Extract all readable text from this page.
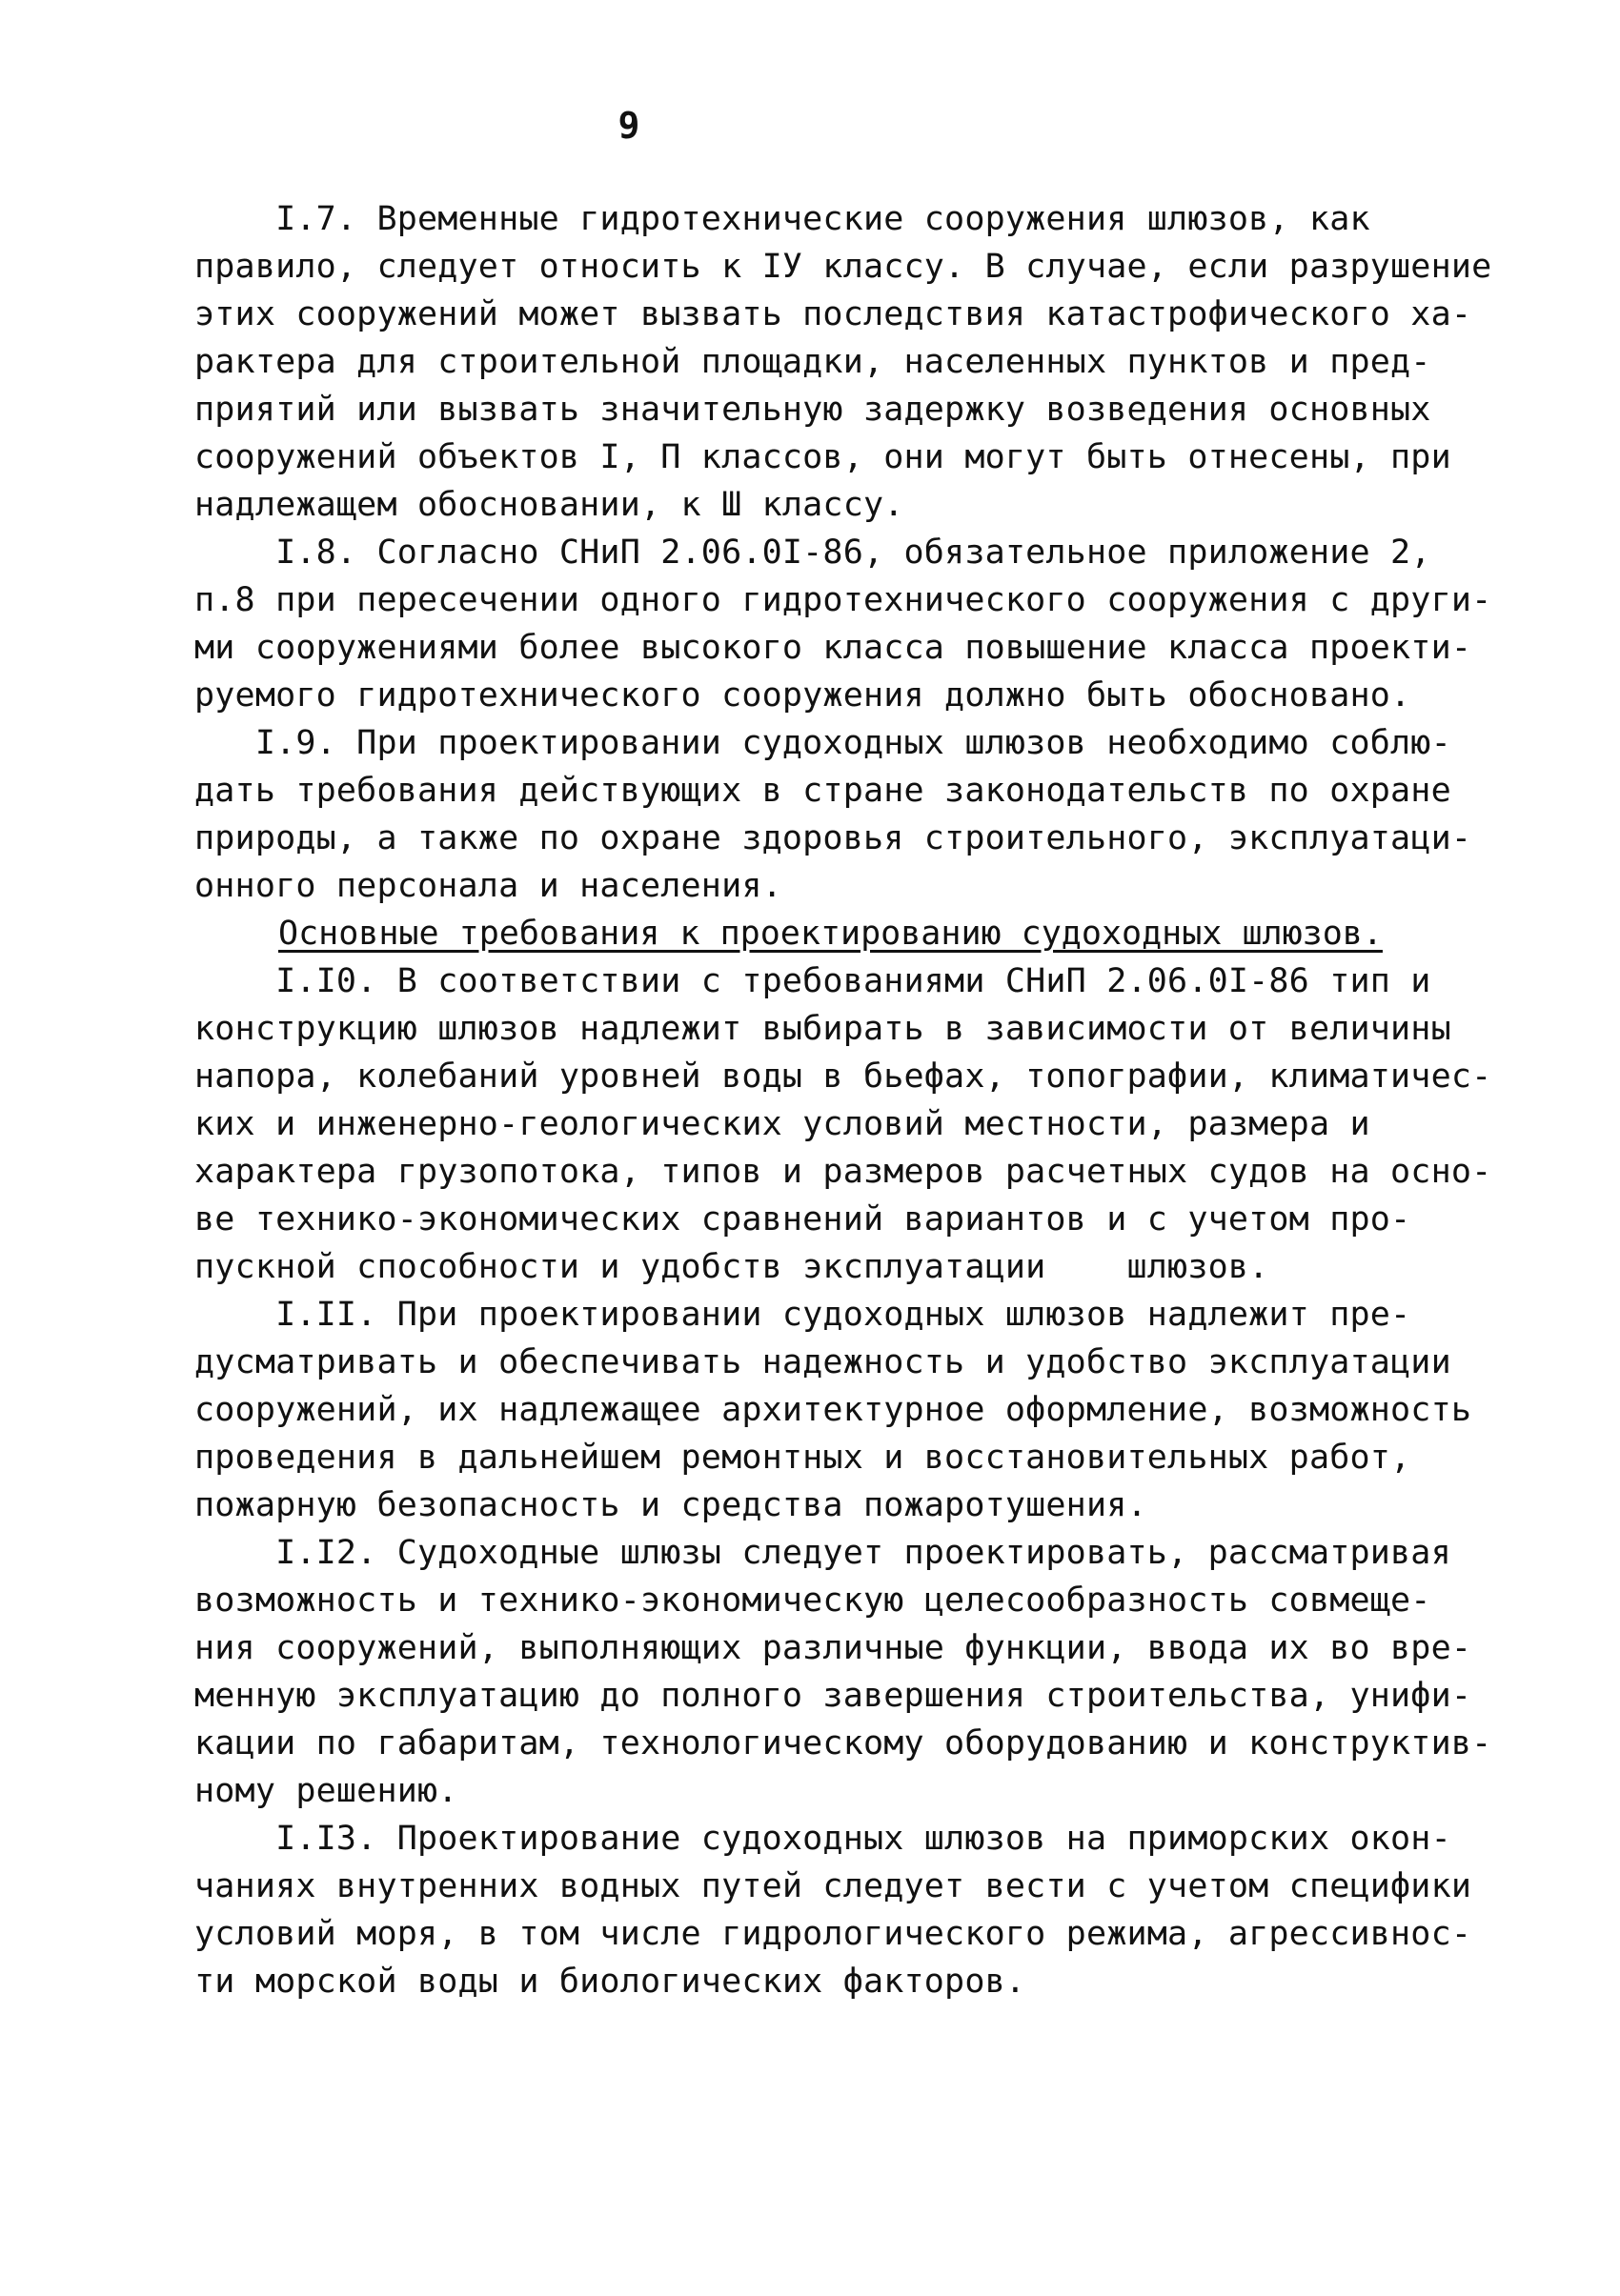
9
I.7. Временные гидротехнические сооружения шлюзов, как
правило, следует относить к IУ классу. В случае, если разрушение
этих сооружений может вызвать последствия катастрофического ха-
рактера для строительной площадки, населенных пунктов и пред-
приятий или вызвать значительную задержку возведения основных
сооружений объектов I, П классов, они могут быть отнесены, при
надлежащем обосновании, к Ш классу.
I.8. Согласно СНиП 2.06.0I-86, обязательное приложение 2,
п.8 при пересечении одного гидротехнического сооружения с други-
ми сооружениями более высокого класса повышение класса проекти-
руемого гидротехнического сооружения должно быть обосновано.
I.9. При проектировании судоходных шлюзов необходимо соблю-
дать требования действующих в стране законодательств по охране
природы, а также по охране здоровья строительного, эксплуатаци-
онного персонала и населения.
Основные требования к проектированию судоходных шлюзов.
I.I0. В соответствии с требованиями СНиП 2.06.0I-86 тип и
конструкцию шлюзов надлежит выбирать в зависимости от величины
напора, колебаний уровней воды в бьефах, топографии, климатичес-
ких и инженерно-геологических условий местности, размера и
характера грузопотока, типов и размеров расчетных судов на осно-
ве технико-экономических сравнений вариантов и с учетом про-
пускной способности и удобств эксплуатации    шлюзов.
I.II. При проектировании судоходных шлюзов надлежит пре-
дусматривать и обеспечивать надежность и удобство эксплуатации
сооружений, их надлежащее архитектурное оформление, возможность
проведения в дальнейшем ремонтных и восстановительных работ,
пожарную безопасность и средства пожаротушения.
I.I2. Судоходные шлюзы следует проектировать, рассматривая
возможность и технико-экономическую целесообразность совмеще-
ния сооружений, выполняющих различные функции, ввода их во вре-
менную эксплуатацию до полного завершения строительства, унифи-
кации по габаритам, технологическому оборудованию и конструктив-
ному решению.
I.I3. Проектирование судоходных шлюзов на приморских окон-
чаниях внутренних водных путей следует вести с учетом специфики
условий моря, в том числе гидрологического режима, агрессивнос-
ти морской воды и биологических факторов.
